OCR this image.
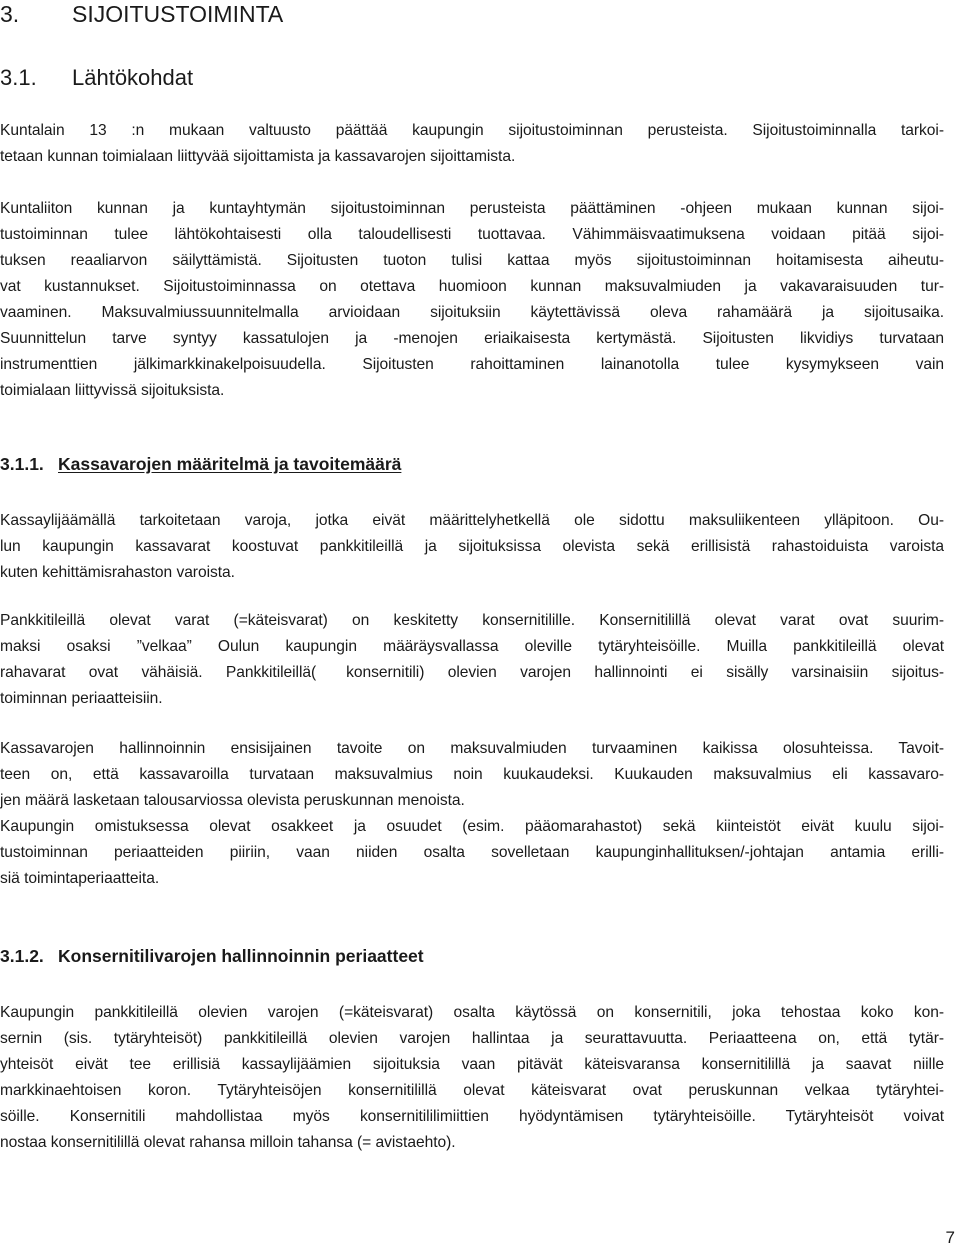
3. SIJOITUSTOIMINTA
3.1. Lähtökohdat

Kuntalain 13 :n mukaan valtuusto päättää kaupungin sijoitustoiminnan perusteista. Sijoitustoiminnalla tarkoi-
tetaan kunnan toimialaan liittyvää sijoittamista ja kassavarojen sijoittamista.

Kuntaliiton kunnan ja kuntayhtymän sijoitustoiminnan perusteista päättäminen -ohjeen mukaan kunnan sijoi-
tustoiminnan tulee lähtökohtaisesti olla taloudellisesti tuottavaa. Vähimmäisvaatimuksena voidaan pitää sijoi-
tuksen reaaliarvon säilyttämistä. Sijoitusten tuoton tulisi kattaa myös sijoitustoiminnan hoitamisesta aiheutu-
vat kustannukset. Sijoitustoiminnassa on otettava huomioon kunnan maksuvalmiuden ja vakavaraisuuden tur-
vaaminen. Maksuvalmiussuunnitelmalla arvioidaan sijoituksiin käytettävissä oleva rahamäärä ja sijoitusaika.
Suunnittelun tarve syntyy kassatulojen ja -menojen eriaikaisesta kertymästä. Sijoitusten likvidiys turvataan
instrumenttien jälkimarkkinakelpoisuudella. Sijoitusten rahoittaminen lainanotolla tulee kysymykseen vain
toimialaan liittyvissä sijoituksista.

3.1.1. Kassavarojen määritelmä ja tavoitemäärä

Kassaylijäämällä tarkoitetaan varoja, jotka eivät määrittelyhetkellä ole sidottu maksuliikenteen ylläpitoon. Ou-
lun kaupungin kassavarat koostuvat pankkitileillä ja sijoituksissa olevista sekä erillisistä rahastoiduista varoista
kuten kehittämisrahaston varoista.

Pankkitileillä olevat varat (=käteisvarat) on keskitetty konsernitilille. Konsernitilillä olevat varat ovat suurim-
maksi osaksi ”velkaa” Oulun kaupungin määräysvallassa oleville tytäryhteisöille. Muilla pankkitileillä olevat
rahavarat ovat vähäisiä. Pankkitileillä( konsernitili) olevien varojen hallinnointi ei sisälly varsinaisiin sijoitus-
toiminnan periaatteisiin.

Kassavarojen hallinnoinnin ensisijainen tavoite on maksuvalmiuden turvaaminen kaikissa olosuhteissa. Tavoit-
teen on, että kassavaroilla turvataan maksuvalmius noin kuukaudeksi. Kuukauden maksuvalmius eli kassavaro-
jen määrä lasketaan talousarviossa olevista peruskunnan menoista.

Kaupungin omistuksessa olevat osakkeet ja osuudet (esim. pääomarahastot) sekä kiinteistöt eivät kuulu sijoi-
tustoiminnan periaatteiden piiriin, vaan niiden osalta sovelletaan kaupunginhallituksen/-johtajan antamia erilli-
siä toimintaperiaatteita.

3.1.2. Konsernitilivarojen hallinnoinnin periaatteet

Kaupungin pankkitileillä olevien varojen (=käteisvarat) osalta käytössä on konsernitili, joka tehostaa koko kon-
sernin (sis. tytäryhteisöt) pankkitileillä olevien varojen hallintaa ja seurattavuutta. Periaatteena on, että tytär-
yhteisöt eivät tee erillisiä kassaylijäämien sijoituksia vaan pitävät käteisvaransa konsernitilillä ja saavat niille
markkinaehtoisen koron. Tytäryhteisöjen konsernitilillä olevat käteisvarat ovat peruskunnan velkaa tytäryhtei-
söille. Konsernitili mahdollistaa myös konsernitililimiittien hyödyntämisen tytäryhteisöille. Tytäryhteisöt voivat
nostaa konsernitilillä olevat rahansa milloin tahansa (= avistaehto).

7
